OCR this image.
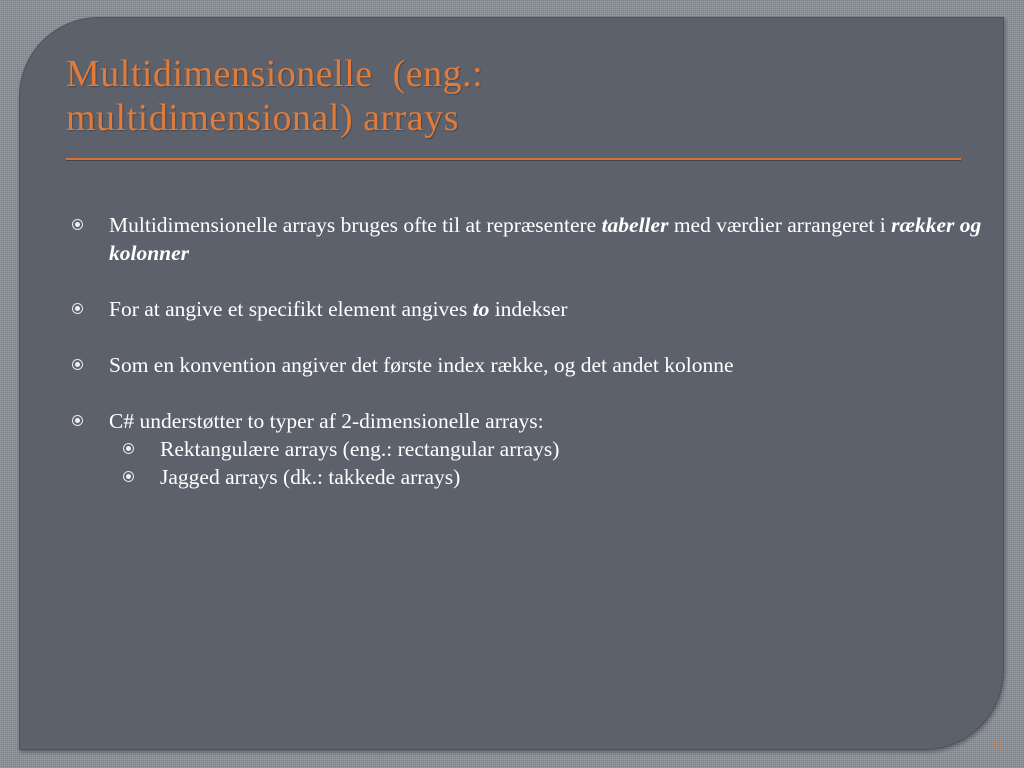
Multidimensionelle  (eng.:
multidimensional) arrays
Multidimensionelle arrays bruges ofte til at repræsentere tabeller med værdier arrangeret i rækker og kolonner
For at angive et specifikt element angives to indekser
Som en konvention angiver det første index række, og det andet kolonne
C# understøtter to typer af 2-dimensionelle arrays:
Rektangulære arrays (eng.: rectangular arrays)
Jagged arrays (dk.: takkede arrays)
11
